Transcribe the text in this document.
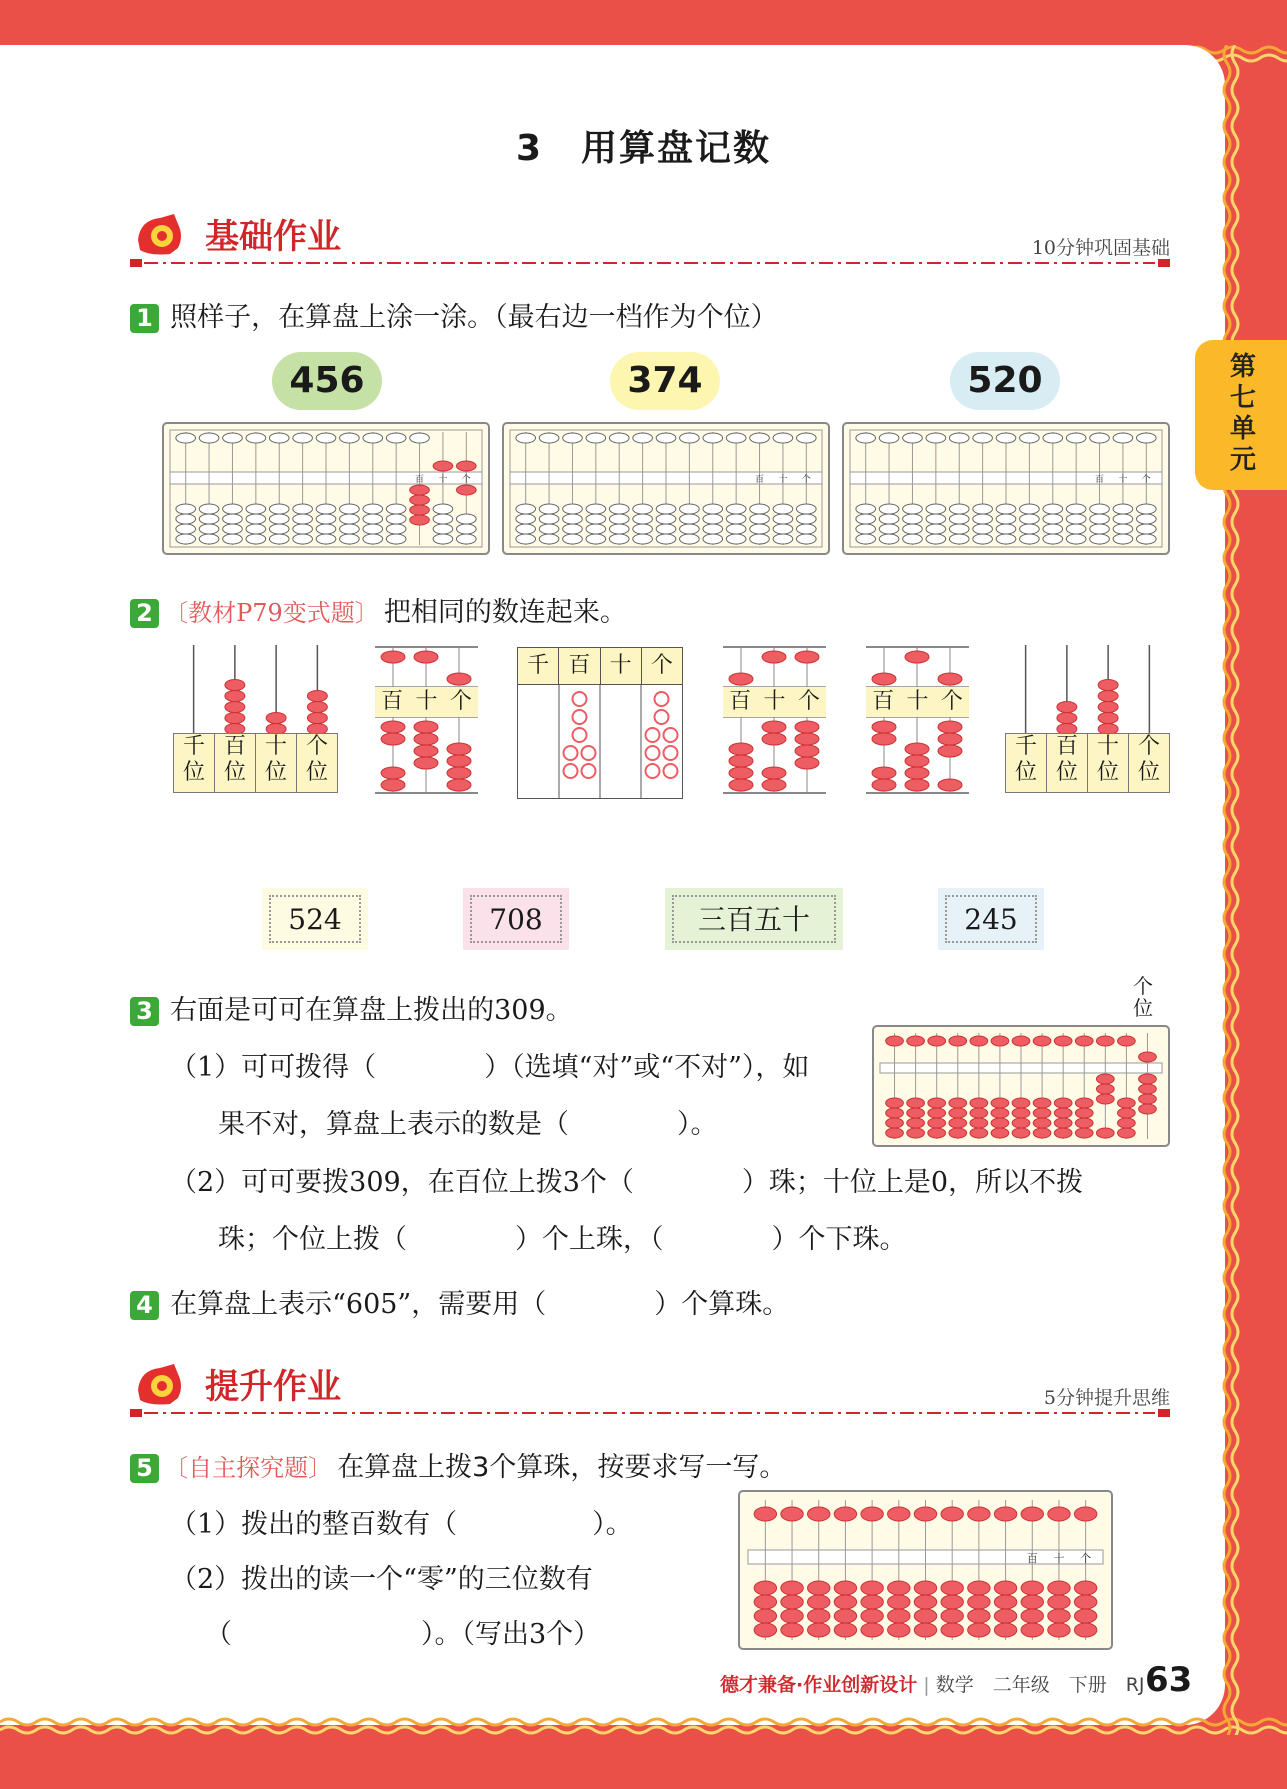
第七单元
3　用算盘记数
基础作业	10分钟巩固基础
1 照样子，在算盘上涂一涂。（最右边一档作为个位）
456	374	520
百 十 个	百 十 个	百 十 个
2 〔教材P79变式题〕 把相同的数连起来。
千
位
百
位
十
位
个
位
百 十 个
千 百 十 个
百 十 个 百 十 个
千
位
百
位
十
位
个
位
524	708	三百五十	245
3 右面是可可在算盘上拨出的309。
（1）可可拨得（　　　　）（选填“对”或“不对”），如
果不对，算盘上表示的数是（　　　　）。
（2）可可要拨309，在百位上拨3个（　　　　）珠；十位上是0，所以不拨
珠；个位上拨（　　　　）个上珠，（　　　　）个下珠。
个
位
4 在算盘上表示“605”，需要用（　　　　）个算珠。
提升作业	5分钟提升思维
5 〔自主探究题〕 在算盘上拨3个算珠，按要求写一写。
（1）拨出的整百数有（　　　　　）。
（2）拨出的读一个“零”的三位数有
（　　　　　　　）。（写出3个）
百 十 个
德才兼备·作业创新设计 | 数学　二年级　下册　RJ 63
